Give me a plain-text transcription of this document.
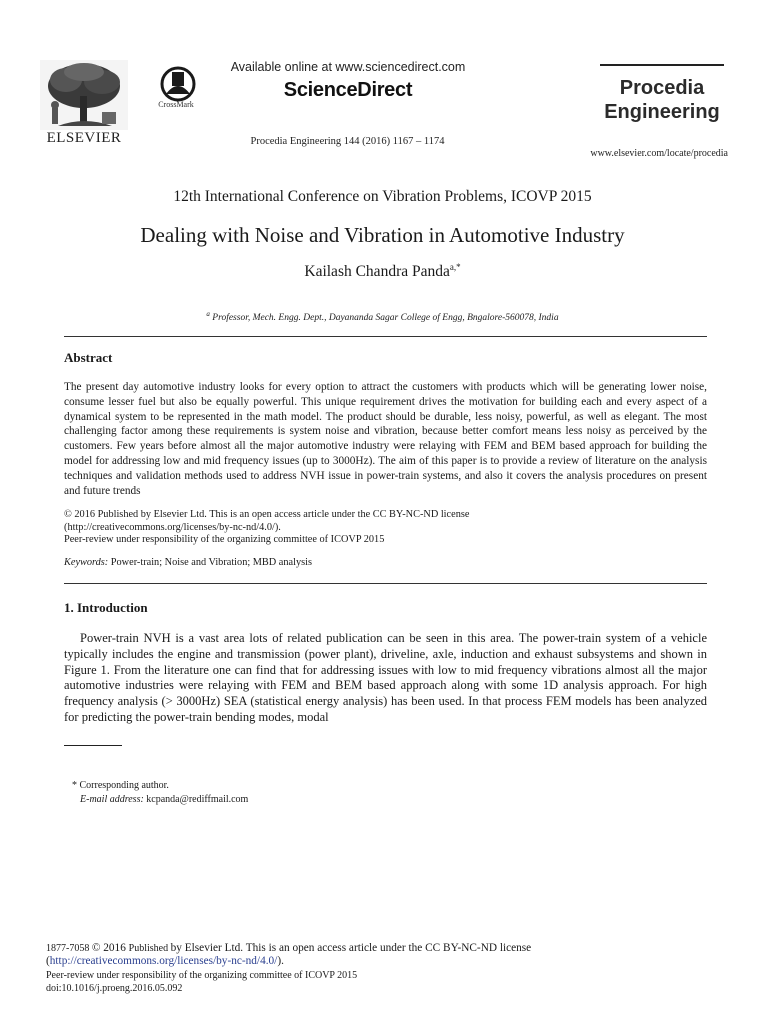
ELSEVIER
CrossMark
Available online at www.sciencedirect.com
ScienceDirect
Procedia Engineering 144 (2016) 1167 – 1174
Procedia
Engineering
www.elsevier.com/locate/procedia
12th International Conference on Vibration Problems, ICOVP 2015
Dealing with Noise and Vibration in Automotive Industry
Kailash Chandra Panda$^{a,*}$
$^a$ Professor, Mech. Engg. Dept., Dayananda Sagar College of Engg, Bngalore-560078, India
Abstract
The present day automotive industry looks for every option to attract the customers with products which will be generating lower noise, consume lesser fuel but also be equally powerful. This unique requirement drives the motivation for building each and every aspect of a dynamical system to be represented in the math model. The product should be durable, less noisy, powerful, as well as elegant. The most challenging factor among these requirements is system noise and vibration, because better comfort means less noisy as perceived by the customers. Few years before almost all the major automotive industry were relaying with FEM and BEM based approach for building the model for addressing low and mid frequency issues (up to 3000Hz). The aim of this paper is to provide a review of literature on the analysis techniques and validation methods used to address NVH issue in power-train systems, and also it covers the analysis procedures on present and future trends
© 2016 Published by Elsevier Ltd. This is an open access article under the CC BY-NC-ND license
(http://creativecommons.org/licenses/by-nc-nd/4.0/).
Peer-review under responsibility of the organizing committee of ICOVP 2015
Keywords: Power-train; Noise and Vibration; MBD analysis
1. Introduction
Power-train NVH is a vast area lots of related publication can be seen in this area. The power-train system of a vehicle typically includes the engine and transmission (power plant), driveline, axle, induction and exhaust subsystems and shown in Figure 1. From the literature one can find that for addressing issues with low to mid frequency vibrations almost all the major automotive industries were relaying with FEM and BEM based approach along with some 1D analysis approach. For high frequency analysis (> 3000Hz) SEA (statistical energy analysis) has been used. In that process FEM models has been analyzed for predicting the power-train bending modes, modal
* Corresponding author.
E-mail address: kcpanda@rediffmail.com
1877-7058 © 2016 Published by Elsevier Ltd. This is an open access article under the CC BY-NC-ND license
(http://creativecommons.org/licenses/by-nc-nd/4.0/).
Peer-review under responsibility of the organizing committee of ICOVP 2015
doi:10.1016/j.proeng.2016.05.092
